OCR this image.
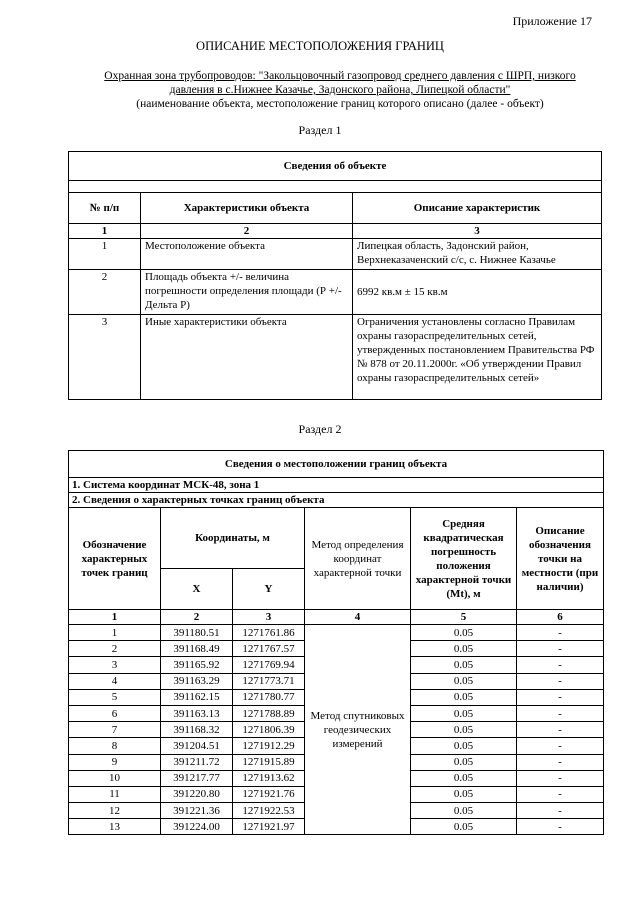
Приложение 17
ОПИСАНИЕ МЕСТОПОЛОЖЕНИЯ ГРАНИЦ
Охранная зона трубопроводов: "Закольцовочный газопровод среднего давления с ШРП, низкого
давления в с.Нижнее Казачье, Задонского района, Липецкой области"
(наименование объекта, местоположение границ которого описано (далее - объект)
Раздел 1
Сведения об объекте		

№ п/п	Характеристики объекта	Описание характеристик
1	2	3
1	Местоположение объекта	Липецкая область, Задонский район, Верхнеказаченский с/с, с. Нижнее Казачье
2	Площадь объекта +/- величина погрешности определения площади (Р +/- Дельта Р)	6992 кв.м ± 15 кв.м
3	Иные характеристики объекта	Ограничения установлены согласно Правилам охраны газораспределительных сетей, утвержденных постановлением Правительства РФ № 878 от 20.11.2000г. «Об утверждении Правил охраны газораспределительных сетей»
Раздел 2
Сведения о местоположении границ объекта					
1. Система координат МСК-48, зона 1					
2. Сведения о характерных точках границ объекта					
Обозначение характерных точек границ	Координаты, м		Метод определения координат характерной точки	Средняя квадратическая погрешность положения характерной точки (Mt), м	Описание обозначения точки на местности (при наличии)
	X	Y			
1	2	3	4	5	6
1	391180.51	1271761.86	Метод спутниковых геодезических измерений	0.05	-
2	391168.49	1271767.57		0.05	-
3	391165.92	1271769.94		0.05	-
4	391163.29	1271773.71		0.05	-
5	391162.15	1271780.77		0.05	-
6	391163.13	1271788.89		0.05	-
7	391168.32	1271806.39		0.05	-
8	391204.51	1271912.29		0.05	-
9	391211.72	1271915.89		0.05	-
10	391217.77	1271913.62		0.05	-
11	391220.80	1271921.76		0.05	-
12	391221.36	1271922.53		0.05	-
13	391224.00	1271921.97		0.05	-
